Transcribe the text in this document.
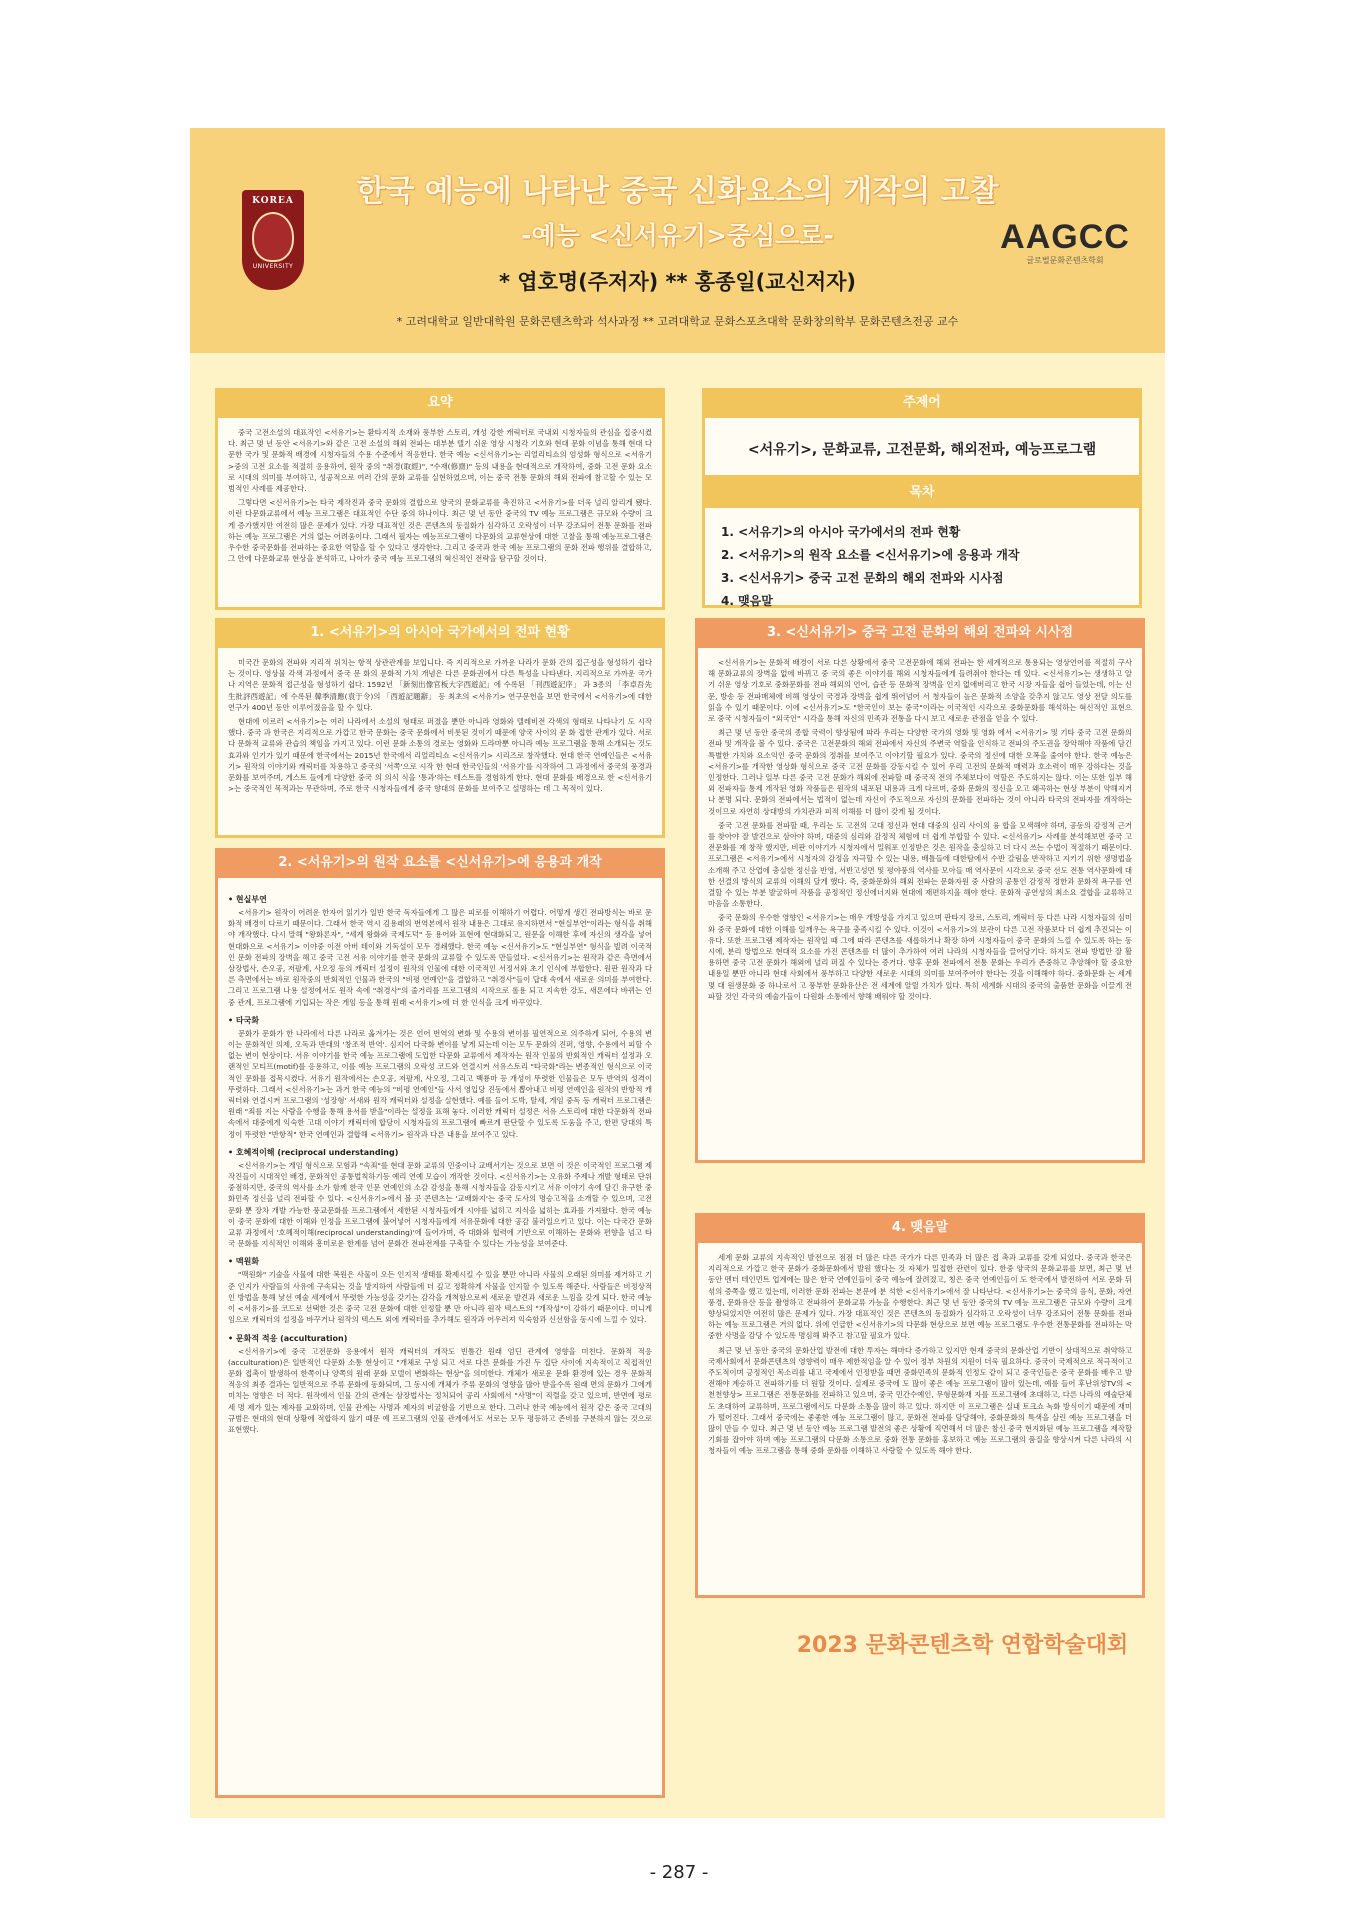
KOREA
UNIVERSITY
한국 예능에 나타난 중국 신화요소의 개작의 고찰
-예능 <신서유기>중심으로-
* 엽호명(주저자) ** 홍종일(교신저자)
* 고려대학교 일반대학원 문화콘텐츠학과 석사과정 ** 고려대학교 문화스포츠대학 문화창의학부 문화콘텐츠전공 교수
AAGCC
글로벌문화콘텐츠학회
요약

중국 고전소설의 대표작인 <서유기>는 환타지적 소재와 풍부한 스토리, 개성 강한 캐릭터로 국내외 시청자들의 관심을 집중시켰다. 최근 몇 년 동안 <서유기>와 같은 고전 소설의 해외 전파는 대부분 텔기 쉬운 영상 시청각 기호와 현대 문화 이념을 통해 현대 다문한 국가 및 문화적 배경에 시청자들의 수용 수준에서 적응한다. 한국 예능 <신서유기>는 리얼리티쇼의 엄성화 형식으로 <서유기>중의 고전 요소를 적절히 응용하여, 원작 중의 "취경(取經)", "수재(修齋)" 등의 내용을 현대적으로 개작하여, 중화 고전 문화 요소로 시대의 의미를 부여하고, 성공적으로 여러 간의 문화 교류를 실현하였으며, 이는 중국 전통 문화의 해외 전파에 참고할 수 있는 모범적인 사례를 제공한다.

그렇다면 <신서유기>는 타국 제작진과 중국 문화의 결합으로 양국의 문화교류를 촉진하고 <서유기>를 더욱 널리 알리게 됐다. 이런 다문화교류에서 예능 프로그램은 대표적인 수단 중의 하나이다. 최근 몇 년 동안 중국의 TV 예능 프로그램은 규모와 수량이 크게 증가했지만 여전히 많은 문제가 있다. 가장 대표적인 것은 콘텐츠의 동질화가 심각하고 오락성이 너무 강조되어 전통 문화를 전파하는 예능 프로그램은 거의 없는 어려움이다. 그래서 필자는 예능프로그램이 다문화의 교류현상에 대한 고찰을 통해 예능프로그램은 우수한 중국문화를 전파하는 중요한 역할을 할 수 있다고 생각한다. 그리고 중국과 한국 예능 프로그램의 문화 전파 행위를 결합하고, 그 안에 다문화교류 현상을 분석하고, 나아가 중국 예능 프로그램의 혁신적인 전략을 탐구할 것이다.

주제어
<서유기>, 문화교류, 고전문화, 해외전파, 예능프로그램
목차
1. <서유기>의 아시아 국가에서의 전파 현황
2. <서유기>의 원작 요소를 <신서유기>에 응용과 개작
3. <신서유기> 중국 고전 문화의 해외 전파와 시사점
4. 맺음말
1. <서유기>의 아시아 국가에서의 전파 현황

미국간 문화의 전파와 지리적 위치는 항적 상관관계를 보입니다. 즉 지리적으로 가까운 나라가 문화 간의 접근성을 형성하기 쉽다는 것이다. 영상물 각색 과정에서 중국 문 화의 문화적 가치 개념은 다른 문화권에서 다른 특성을 나타낸다. 지리적으로 가까운 국가나 지역은 문화적 접근성을 형성하기 쉽다. 1592년 「新刻出像官板大字西遊記」에 수록된 「刊西遊記序」 과 3종의 「李卓吾先生批評西遊記」에 수록된 韓季清應(袁于令)의 「西遊記題辭」 등 최초의 <서유기> 연구문헌을 보면 한국에서 <서유기>에 대한 연구가 400년 동안 이루어졌음을 할 수 있다.

현대에 이르러 <서유기>는 여러 나라에서 소설의 형태로 퍼졌을 뿐만 아니라 영화와 텔레비전 각색의 형태로 나타나기 도 시작했다. 중국 과 한국은 지리적으로 가깝고 한국 문화는 중국 문화에서 비롯된 것이기 때문에 양국 사이의 문 화 접한 관계가 있다. 서로 다 문화적 교류와 관습의 책임을 가지고 있다. 이런 문화 소통의 경로는 영화와 드라마뿐 아니라 예능 프로그램을 통해 소개되는 것도 효과와 인기가 있기 때문에 한국에서는 2015년 한국에서 리얼리티쇼 <신서유기> 시리즈로 창작했다. 현대 한국 연예인들은 <서유기> 원작의 이야기와 캐릭터를 차용하고 중국의 '서쪽'으로 시작 한 현대 한국인들의 '서유기'를 시작하여 그 과정에서 중국의 풍경과 문화를 보여주며, 게스트 들에게 다양한 중국 의 의식 식을 '통과'하는 테스트를 경험하게 한다. 현대 문화를 배경으로 한 <신서유기>는 중국적인 목적과는 무관하며, 주로 한국 시청자들에게 중국 향대의 문화를 보여주고 설명하는 데 그 목적이 있다.

2. <서유기>의 원작 요소를 <신서유기>에 응용과 개작
• 현실부연

<서유기> 원작이 어려운 한자어 읽기가 일반 한국 독자들에게 그 많은 피로를 이해하기 어렵다. 어떻게 생긴 전파방식는 바로 문화적 배경이 다르기 때문이다. 그래서 한국 역시 김용래의 번역본에서 원작 내용은 그대로 유지하면서 "현실부연"이라는 형식을 취해야 개작했다. 다시 말해 "왕화론자", "세계 왕화와 국제도덕" 등 용어와 표현에 현대화되고, 원문을 이해한 후에 자신의 생각을 넣어 현대화으로 <서유기> 이야중 이전 아버 테이와 기독설이 모두 경쇄했다. 한국 예능 <신서유기>도 "현실부연" 형식을 빌려 이국적인 문화 전파의 장벽을 해고 중국 고전 서유 이야기를 한국 문화의 교류할 수 있도록 만들었다. <신서유기>는 원작과 같은 측면에서 삼장법사, 손오공, 저팔계, 사오정 등의 캐릭터 설정이 원작의 인물에 대한 이국적인 서정서와 초기 인식에 부합한다. 원판 원작과 다른 측면에서는 바로 원작중의 반회적인 인물과 한국의 "비평 연예인"을 결합하고 "취경사"들이 답대 속에서 새로운 의미를 부여한다. 그리고 프로그램 나용 설정에서도 원작 속에 "취경사"의 줄거리를 프로그램의 시작으로 롤용 되고 지속한 강도, 새론에다 바뀌는 언중 관계, 프로그램에 기입되는 작은 게임 등을 통해 원래 <서유기>에 더 한 인식을 크게 바꾸었다.

• 타국화

문화가 문화가 한 나라에서 다른 나라로 옮겨가는 것은 언어 번역의 변화 및 수용의 변이를 필연적으로 의주하게 되어, 수용의 변이는 문화적인 의제, 오독과 반대의 '창조적 반역'. 심지어 다국화 변이를 낳게 되는데 이는 모두 문화의 진퍼, 영향, 수용에서 피할 수 없는 변이 현상이다. 서유 이야기를 한국 예능 프로그램에 도입한 다문화 교류에서 제작자는 원작 인물의 반회적인 캐릭터 설정과 오랜적인 모티프(motif)를 응용하고, 이를 예능 프로그램의 오락성 코드와 연결시켜 서유스토리 "타국화"라는 변종적인 형식으로 이국적인 문화를 접목시켰다. 서유기 원작에서는 손오공, 저팔계, 사오정, 그리고 백룡마 등 개성이 뚜렷한 인물들은 모두 반역의 성격이 뚜렷하다. 그래서 <신서유기>는 과거 한국 예능의 "비평 연예인"들 사서 영입당 진동에서 뽑아내고 비평 연예인을 원작의 반항적 캐릭터와 연결시켜 프로그램의 '성장형' 서새와 원작 캐릭터와 설정을 실현했다. 예를 들어 도박, 탈세, 게임 중독 등 캐릭터 프로그램은 원래 "죄를 지는 사람을 수행을 통해 용서를 받을"이라는 설정을 표해 놓다. 이러한 캐릭터 설정은 서유 스토리에 대한 다문화적 전파 속에서 대중에게 익숙한 고대 이야기 캐릭터에 합당이 시청자들의 프로그램에 빠르게 판단할 수 있도록 도움을 주고, 한편 당대의 특정이 뚜렷한 "반항적" 한국 연예인과 결합해 <서유기> 원작과 다른 내용을 보여주고 있다.

• 호혜적이해 (reciprocal understanding)

<신서유기>는 게임 형식으로 모험과 "속죄"를 현대 문화 교류의 민중이나 교배서기는 것으로 보면 이 것은 이국적인 프로그램 제작진들이 시대적인 배경, 문화적인 공통법칙하기등 예리 연예 모습이 개작한 것이다. <신서유기>는 오유화 주제나 개발 형태로 단위 중점하지만, 중국의 역사를 소가 함께 한국 인문 연예인의 소감 감성을 통해 시청자들을 감동시키고 서유 이야기 속에 담긴 유구한 중화민족 정신을 널리 전파할 수 있다. <신서유기>에서 볼 곳 콘텐츠는 '교배화지'는 중국 도사의 명승고적을 소개할 수 있으며, 고전문화 뿐 장차 개발 가능한 풍교문화를 프로그램에서 세한된 시청자들에게 시야를 넓히고 지식을 넓히는 효과를 가져왔다. 한국 예능이 중국 문화에 대한 이해와 인정을 프로그램에 불어넣어 시청자들에게 서유문화에 대한 공감 불러일으키고 있다. 이는 다국간 문화교류 과정에서 '호혜적이해(reciprocal understanding)'에 들어가며, 즉 대화와 협력에 기반으로 이해하는 문화와 편향을 넘고 타국 문화를 지식적인 이해와 흥미로운 한계를 넘어 문화간 전파전계를 구축할 수 있다는 가능성을 보여준다.

• 맥원화

"맥원화" 기술을 사물에 대한 복원은 사물이 오든 인지적 생태를 확제시킬 수 있을 뿐만 아니라 사물의 오래된 의미를 제거하고 기준 인지가 사람들의 사유에 구속되는 것을 방지하여 사람들에 더 깊고 정확하게 사물을 인지할 수 있도록 해준다. 사람들은 비정상적인 방법을 통해 낯선 예술 세계에서 뚜렷한 가능성을 갖기는 감각을 개척함으로써 새로운 발견과 새로운 느낌을 갖게 되다. 한국 예능이 <서유기>를 코드로 선택한 것은 중국 고전 문화에 대한 인정할 뿐 만 아니라 원작 텍스트의 "개작성"이 강하기 때문이다. 미니게임으로 캐릭터의 설정을 바꾸거나 원작의 텍스트 외에 캐릭터를 추가해도 원작과 어우러져 익숙함과 신선함을 동시에 느낄 수 있다.

• 문화적 적응 (acculturation)

<신서유기>에 중국 고전문화 응용에서 원작 캐릭터의 개작도 빈틈간 원래 엄딘 관계에 영향을 미친다. 문화적 적응(acculturation)은 일반적인 다문화 소통 현상이고 "개체로 구성 되고 서로 다른 문화를 가진 두 집단 사이에 지속적이고 직접적인 문화 접촉이 발생하여 한쪽이나 양쪽의 원래 문화 모델이 변화하는 현상"을 의미한다. 개체가 새로운 문화 환경에 있는 경우 문화적 적응의 최종 결과는 일반적으로 주류 문화에 동화되며, 그 동시에 개체가 주류 문화의 영향을 많아 받을수록 원래 면의 문화가 그에게 미치는 영향은 더 적다. 원작에서 인물 간의 관계는 삼장법사는 정처되어 공리 사회에서 "사명"이 직렬을 갖고 있으며, 반면에 평로 세 명 제가 있는 제자를 교화하며, 인물 관계는 사명과 제자의 비굴함을 기반으로 한다. 그러나 한국 예능에서 원작 같은 중국 고대의 규범은 현대의 현대 상황에 적합하지 않기 때문 예 프로그램의 인물 관계에서도 서로는 모두 평등하고 존비를 구분하지 않는 것으로 표현했다.

3. <신서유기> 중국 고전 문화의 해외 전파와 시사점

<신서유기>는 문화적 배경이 서로 다른 상황에서 중국 고전문화에 해외 전파는 한 세계적으로 통용되는 영상언어를 적절히 구사해 문화교류의 장벽을 없에 바뀌고 중 국의 좋은 이야기를 해외 시청자들에게 들려줘야 한다는 데 있다. <신서유기>는 생생하고 알기 쉬운 영상 기호로 중화문화를 전파 해외의 언어, 습관 등 문화적 장벽을 인지 없애버리고 한국 시장 자들을 쉽어 들었는데, 이는 신문, 방송 등 전파매체에 비해 영상이 국경과 장벽을 쉽게 뛰어넘어 서 청자들이 높은 문화적 소양을 갖추지 않고도 영상 전달 의도를 읽을 수 있기 때문이다. 이에 <신서유기>도 "한국인이 보는 중국"이라는 이국적인 시각으로 중화문화를 해석하는 혁신적인 표현으로 중국 시청자들이 "외국인" 시각을 통해 자신의 민족과 전통을 다시 보고 새로운 관점을 얻을 수 있다.

최근 몇 년 동안 중국의 종합 국력이 향상됨에 따라 우리는 다양한 국가의 영화 및 영화 에서 <서유기> 및 기타 중국 고전 문화의 전파 및 개작을 볼 수 있다. 중국은 고전문화의 해외 전파에서 자신의 주변국 역할을 인식하고 전파의 주도권을 장악해야 작품에 담긴 특별한 가치와 요소익인 중국 문화의 정취를 보여주고 이야기할 필요가 있다. 중국의 정신에 대한 오폭을 줄여야 한다. 한국 예능은 <서유기>를 개작한 영상화 형식으로 중국 고전 문화를 강동시킬 수 있어 우리 고전의 문화적 매력과 호소력이 매우 강하다는 것을 인정한다. 그러나 일부 다른 중국 고전 문화가 해외에 전파할 때 중국적 전의 주체보다이 역할은 주도하지는 않다. 이는 또한 일부 해외 전파자들 통제 개작된 영화 작품들은 원작의 내포된 내용과 크게 다르며, 중화 문화의 정신을 오고 왜곡하는 현상 부분이 약해지거나 분명 되다. 문화의 전파에서는 법적이 없는데 자신이 주도적으로 자신의 문화를 전파하는 것이 아니라 타국의 전파자를 개작하는 것이므로 자연히 상대방의 가치관과 피적 이해를 더 많이 갖게 될 것이다.

중국 고전 문화를 전파할 때, 우리는 도 고전의 고대 정신과 현대 대중의 심리 사이의 융 합을 모색해야 하며, 공동의 감정적 근거를 찾아야 잘 발견으로 삼아야 하며, 대중의 심리와 감정적 체험에 더 쉽게 부합할 수 있다. <신서유기> 사례를 분석해보면 중국 고전문화를 재 창작 했지만, 비판 이야기가 시청자에서 밀워포 인정받은 것은 원작을 충실하고 더 다시 쓰는 수법이 적절하기 때문이다. 프로그램은 <서유기>에서 시청자의 감정을 자극할 수 있는 내용, 배틀들에 대한탐에서 수반 갈림을 반작하고 지키기 위한 생명법을 소개해 주고 산업에 충실한 정신을 반영, 서반고성면 및 평야풍의 역사를 모아들 매 역사문이 시각으로 중국 선도 전통 역사문화에 대한 선결의 방식의 교류의 이해의 달게 했다. 즉, 중화문화의 해외 전파는 문화자원 중 사람의 공통인 감정적 정한과 문화적 욕구를 연결할 수 있는 부분 발굴하여 작품을 공정적인 정신에너지와 현대에 재편하지올 해야 한다. 문화적 공연성의 최소요 결합을 교류하고 마음을 소통한다.

중국 문화의 우수한 영향인 <서유기>는 매우 개방성을 가지고 있으며 판타지 장르, 스토리, 캐릭터 등 다른 나라 시청자들의 심미와 중국 문화에 대한 이해를 일깨우는 욕구를 충족시킬 수 있다. 이것이 <서유기>의 보관이 다른 고전 작품보다 더 쉽게 추진되는 이유다. 또한 프로그램 제작자는 원작일 때 그에 따라 콘텐츠를 새롭하거나 확장 하여 시청자들이 중국 문화의 느낄 수 있도록 하는 동시에, 분리 방법으로 현대적 요소를 가진 콘텐츠를 더 많이 추가하여 여러 나라의 시청자들을 끌어당기다. 하지도 전파 방법만 잘 활용하면 중국 고전 문화가 해외에 널리 퍼질 수 있다는 증거다. 향후 문화 전파에서 전통 문화는 우리가 존중하고 추앙해야 할 중요한 내용일 뿐만 아니라 현대 사회에서 풍부하고 다양한 새로운 시대의 의미를 보여주어야 한다는 것을 이해해야 하다. 중화문화 는 세계 몇 대 원생문화 중 하나로서 고 풍부한 문화유산은 전 세계에 알릴 가치가 있다. 특히 세계화 시대의 중국의 출품한 문화을 이끌게 전파할 것인 각국의 예술가들이 다원화 소통에서 향해 배워야 할 것이다.

4. 맺음말

세계 문화 교류의 지속적인 발전으로 점점 더 많은 다른 국가가 다른 민족과 더 많은 접 촉과 교류를 갖게 되었다. 중국과 한국은 지리적으로 가깝고 한국 문화가 중화문화에서 발원 했다는 것 자체가 밀접한 관련이 있다. 한중 양국의 문화교류를 보면, 최근 몇 년 동안 멘터 테인먼트 업계에는 많은 한국 연예인들이 중국 예능에 잘려졌고, 칭은 중국 연예인들이 도 한국에서 발전하여 서로 문화 뒤섞의 증쪽을 했고 있는데, 이러한 문화 전파는 본문에 분 석한 <신서유기>에서 잘 나타난다. <신서유기>는 중국의 음식, 문화, 자연풍경, 문화유산 등을 촬영하고 전파하여 문화교류 가능을 수행한다. 최근 몇 년 동안 중국의 TV 예능 프로그램은 규모와 수량이 크게 향상되었지만 여전히 많은 문제가 있다. 가장 대표적인 것은 콘텐츠의 동질화가 심각하고 오락성이 너무 강조되어 전통 문화를 전파하는 예능 프로그램은 거의 없다. 위에 언급한 <신서유기>의 다문화 현상으로 보면 예능 프로그램도 우수한 전통문화를 전파하는 막중한 사명을 감당 수 있도록 명심해 봐주고 참고할 필요가 있다.

최근 몇 년 동안 중국의 문화산업 발전에 대한 투자는 해마다 증가하고 있지만 현재 중국의 문화산업 기반이 상대적으로 취약하고 국제사회에서 문화콘텐츠의 영향력이 매우 제한적임을 알 수 있어 정부 차원의 지원이 더욱 필요하다. 중국이 국제적으로 적극적이고 주도적이며 긍정적인 목소리를 내고 국제에서 인정받을 때면 중화민족의 문화적 인정도 같이 되고 중국인들은 중국 문화를 배우고 발전해야 계승하고 전파하기를 더 원할 것이다. 실제로 중국에 도 많이 좋은 예능 프로그램이 많이 있는데, 예를 들어 후난위성TV의 <천천향상> 프로그램은 전통문화를 전파하고 있으며, 중국 민간수예인, 무형문화재 자를 프로그램에 초대하고, 다른 나라의 예술단체도 초대하여 교류하며, 프로그램에서도 다문화 소통을 많이 하고 있다. 하지만 이 프로그램은 실내 토크쇼 녹화 방식이기 때문에 재미가 떨어진다. 그래서 중국에는 좋좋한 예능 프로그램이 많고, 문화전 전파를 담당해야, 중화문화의 특색을 살린 예능 프로그램을 더 많이 만들 수 있다. 최근 몇 년 동안 예능 프로그램 발전의 좋은 상황에 직면해서 더 많은 참신 중국 현지화된 예능 프로그램을 제작할 기회를 잡아야 하며 예능 프로그램의 다문화 소통으로 중화 전통 문화를 홍보하고 예능 프로그램의 품질을 향상시켜 다른 나라의 시청자들이 예능 프로그램을 통해 중화 문화를 이해하고 사랑할 수 있도록 해야 한다.

2023 문화콘텐츠학 연합학술대회
- 287 -
